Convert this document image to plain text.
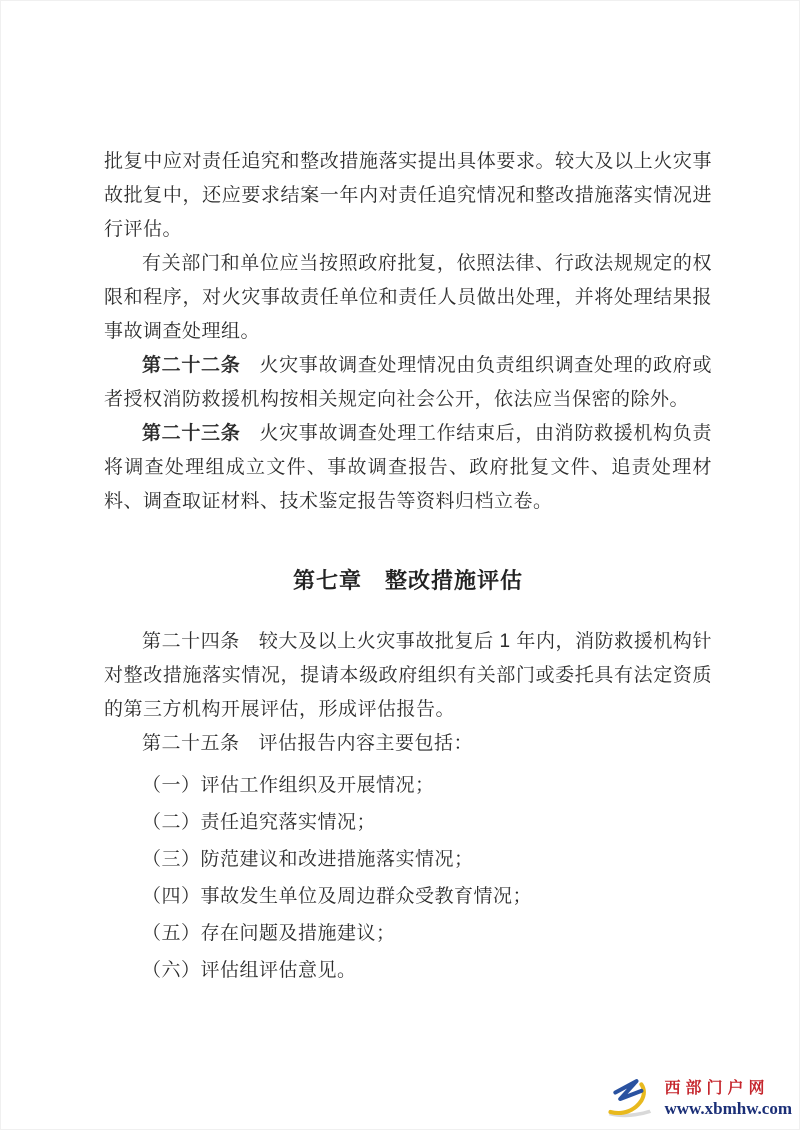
批复中应对责任追究和整改措施落实提出具体要求。较大及以上火灾事故批复中，还应要求结案一年内对责任追究情况和整改措施落实情况进行评估。

有关部门和单位应当按照政府批复，依照法律、行政法规规定的权限和程序，对火灾事故责任单位和责任人员做出处理，并将处理结果报事故调查处理组。

第二十二条 火灾事故调查处理情况由负责组织调查处理的政府或者授权消防救援机构按相关规定向社会公开，依法应当保密的除外。

第二十三条 火灾事故调查处理工作结束后，由消防救援机构负责将调查处理组成立文件、事故调查报告、政府批复文件、追责处理材料、调查取证材料、技术鉴定报告等资料归档立卷。

第七章　整改措施评估

第二十四条 较大及以上火灾事故批复后 1 年内，消防救援机构针对整改措施落实情况，提请本级政府组织有关部门或委托具有法定资质的第三方机构开展评估，形成评估报告。

第二十五条 评估报告内容主要包括：

（一）评估工作组织及开展情况；

（二）责任追究落实情况；

（三）防范建议和改进措施落实情况；

（四）事故发生单位及周边群众受教育情况；

（五）存在问题及措施建议；

（六）评估组评估意见。

西部门户网
www.xbmhw.com
